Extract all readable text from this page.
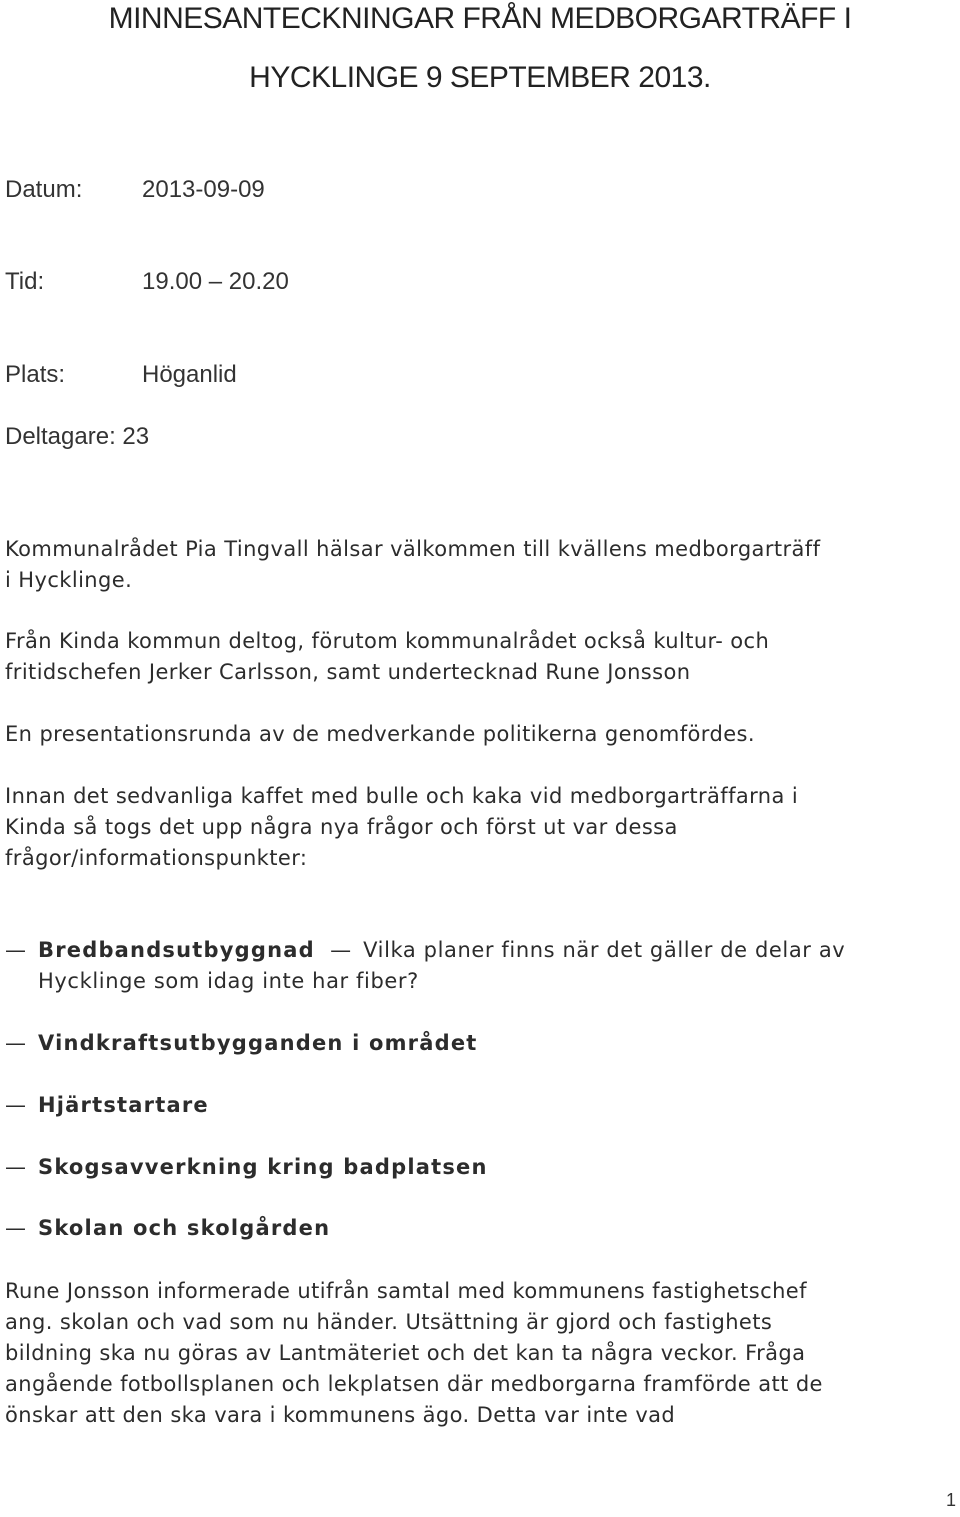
MINNESANTECKNINGAR FRÅN MEDBORGARTRÄFF I
HYCKLINGE 9 SEPTEMBER 2013.
Datum: 2013-09-09
Tid:	19.00 – 20.20
Plats:	Höganlid
Deltagare: 23
Kommunalrådet Pia Tingvall hälsar välkommen till kvällens medborgarträff
i Hycklinge.
Från Kinda kommun deltog, förutom kommunalrådet också kultur- och
fritidschefen Jerker Carlsson, samt undertecknad Rune Jonsson
En presentationsrunda av de medverkande politikerna genomfördes.
Innan det sedvanliga kaffet med bulle och kaka vid medborgarträffarna i
Kinda så togs det upp några nya frågor och först ut var dessa
frågor/informationspunkter:
—Bredbandsutbyggnad — Vilka planer finns när det gäller de delar av
Hycklinge som idag inte har fiber?
—Vindkraftsutbygganden i området
—Hjärtstartare
—Skogsavverkning kring badplatsen
—Skolan och skolgården
Rune Jonsson informerade utifrån samtal med kommunens fastighetschef
ang. skolan och vad som nu händer. Utsättning är gjord och fastighets
bildning ska nu göras av Lantmäteriet och det kan ta några veckor. Fråga
angående fotbollsplanen och lekplatsen där medborgarna framförde att de
önskar att den ska vara i kommunens ägo. Detta var inte vad
1
